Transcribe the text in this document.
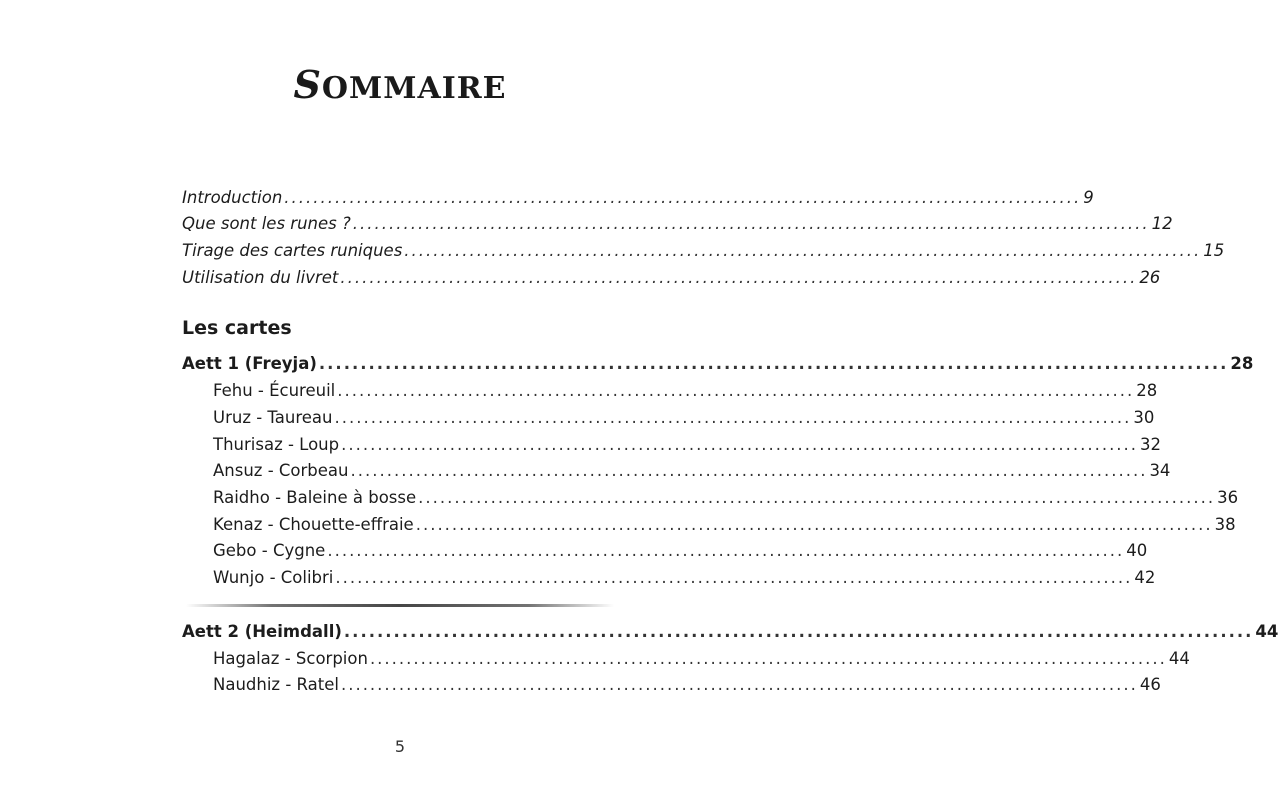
SOMMAIRE
Introduction .............................................................................................................. 9
Que sont les runes ? .............................................................................................................. 12
Tirage des cartes runiques .............................................................................................................. 15
Utilisation du livret .............................................................................................................. 26
Les cartes
Aett 1 (Freyja) .............................................................................................................. 28
Fehu - Écureuil .............................................................................................................. 28
Uruz - Taureau .............................................................................................................. 30
Thurisaz - Loup .............................................................................................................. 32
Ansuz - Corbeau .............................................................................................................. 34
Raidho - Baleine à bosse .............................................................................................................. 36
Kenaz - Chouette-effraie .............................................................................................................. 38
Gebo - Cygne .............................................................................................................. 40
Wunjo - Colibri .............................................................................................................. 42
Aett 2 (Heimdall) .............................................................................................................. 44
Hagalaz - Scorpion .............................................................................................................. 44
Naudhiz - Ratel .............................................................................................................. 46
5
